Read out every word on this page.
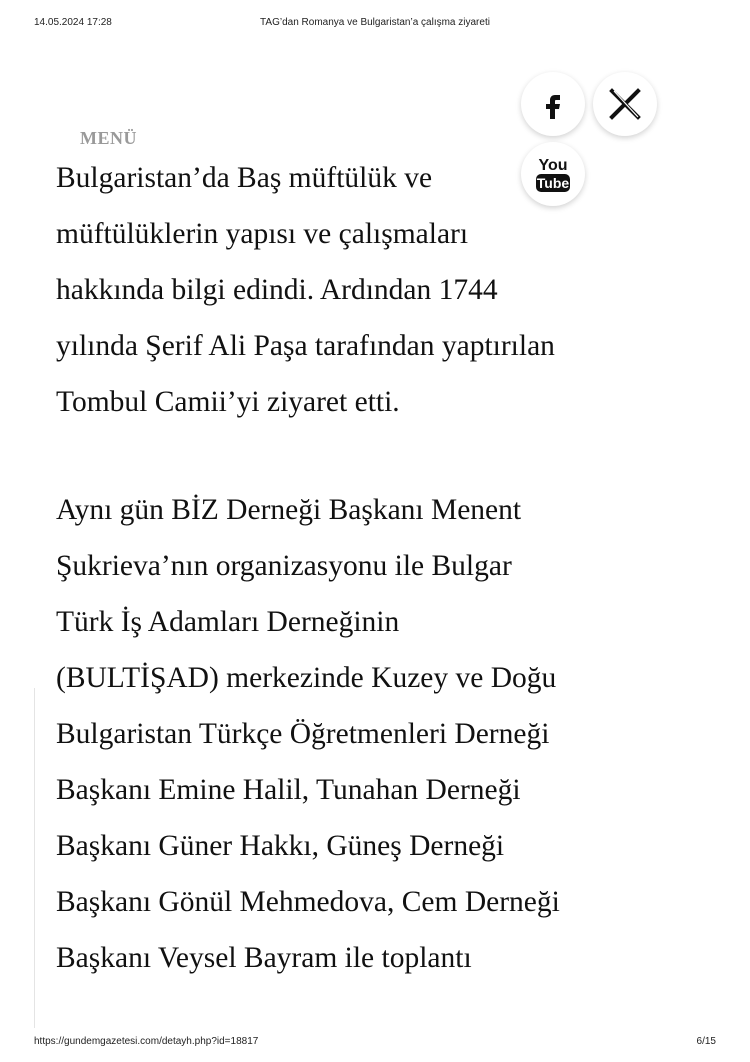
14.05.2024 17:28	TAG’dan Romanya ve Bulgaristan’a çalışma ziyareti
MENÜ
You
Tube

Bulgaristan’da Baş müftülük ve
müftülüklerin yapısı ve çalışmaları
hakkında bilgi edindi. Ardından 1744
yılında Şerif Ali Paşa tarafından yaptırılan
Tombul Camii’yi ziyaret etti.

Aynı gün BİZ Derneği Başkanı Menent
Şukrieva’nın organizasyonu ile Bulgar
Türk İş Adamları Derneğinin
(BULTİŞAD) merkezinde Kuzey ve Doğu
Bulgaristan Türkçe Öğretmenleri Derneği
Başkanı Emine Halil, Tunahan Derneği
Başkanı Güner Hakkı, Güneş Derneği
Başkanı Gönül Mehmedova, Cem Derneği
Başkanı Veysel Bayram ile toplantı

https://gundemgazetesi.com/detayh.php?id=18817	6/15
